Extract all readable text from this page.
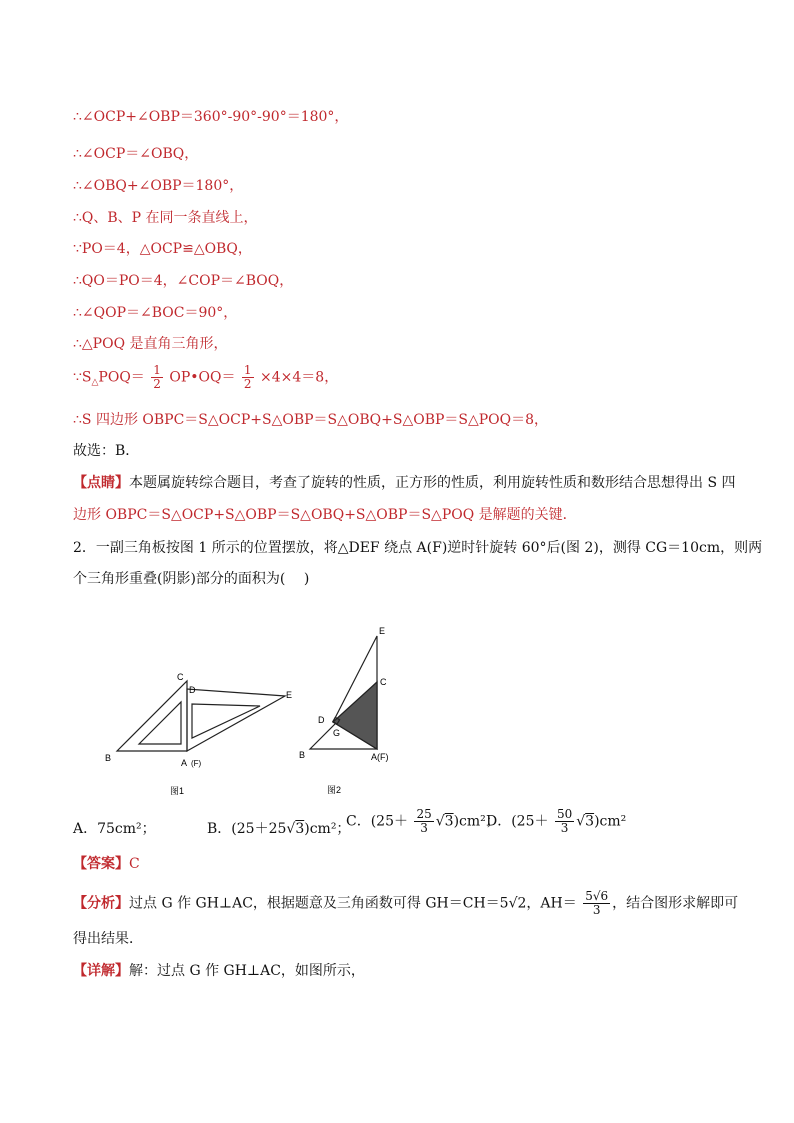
∴∠OCP+∠OBP＝360°-90°-90°＝180°，
∴∠OCP＝∠OBQ，
∴∠OBQ+∠OBP＝180°，
∴Q、B、P 在同一条直线上，
∵PO＝4，△OCP≌△OBQ，
∴QO＝PO＝4，∠COP＝∠BOQ，
∴∠QOP＝∠BOC＝90°，
∴△POQ 是直角三角形，
$\because S_\triangle POQ= \frac{1}{2}$ OP•OQ＝ $\frac{1}{2} \times 4\times 4=8$，
∴S 四边形 OBPC＝S△OCP+S△OBP＝S△OBQ+S△OBP＝S△POQ＝8，
故选：B．
【点睛】本题属旋转综合题目，考查了旋转的性质，正方形的性质，利用旋转性质和数形结合思想得出 S 四
边形 OBPC＝S△OCP+S△OBP＝S△OBQ+S△OBP＝S△POQ 是解题的关键．
2．一副三角板按图 1 所示的位置摆放，将△DEF 绕点 A(F)逆时针旋转 60°后(图 2)，测得 CG＝10cm，则两
个三角形重叠(阴影)部分的面积为(　 )
C
D	E
B	A (F)
图1
E
C
D
G
B	A(F)
图2
A．75cm²；	B．(25＋25√3)cm²；
C．$(25+ \frac{25}{3} √3)cm^2$；
D．$(25+ \frac{50}{3} √3)cm^2$
【答案】C
【分析】过点 G 作 GH⊥AC，根据题意及三角函数可得 GH＝CH＝5√2，$AH= \frac{5√6}{3}$ ，结合图形求解即可
得出结果．
【详解】解：过点 G 作 GH⊥AC，如图所示，
